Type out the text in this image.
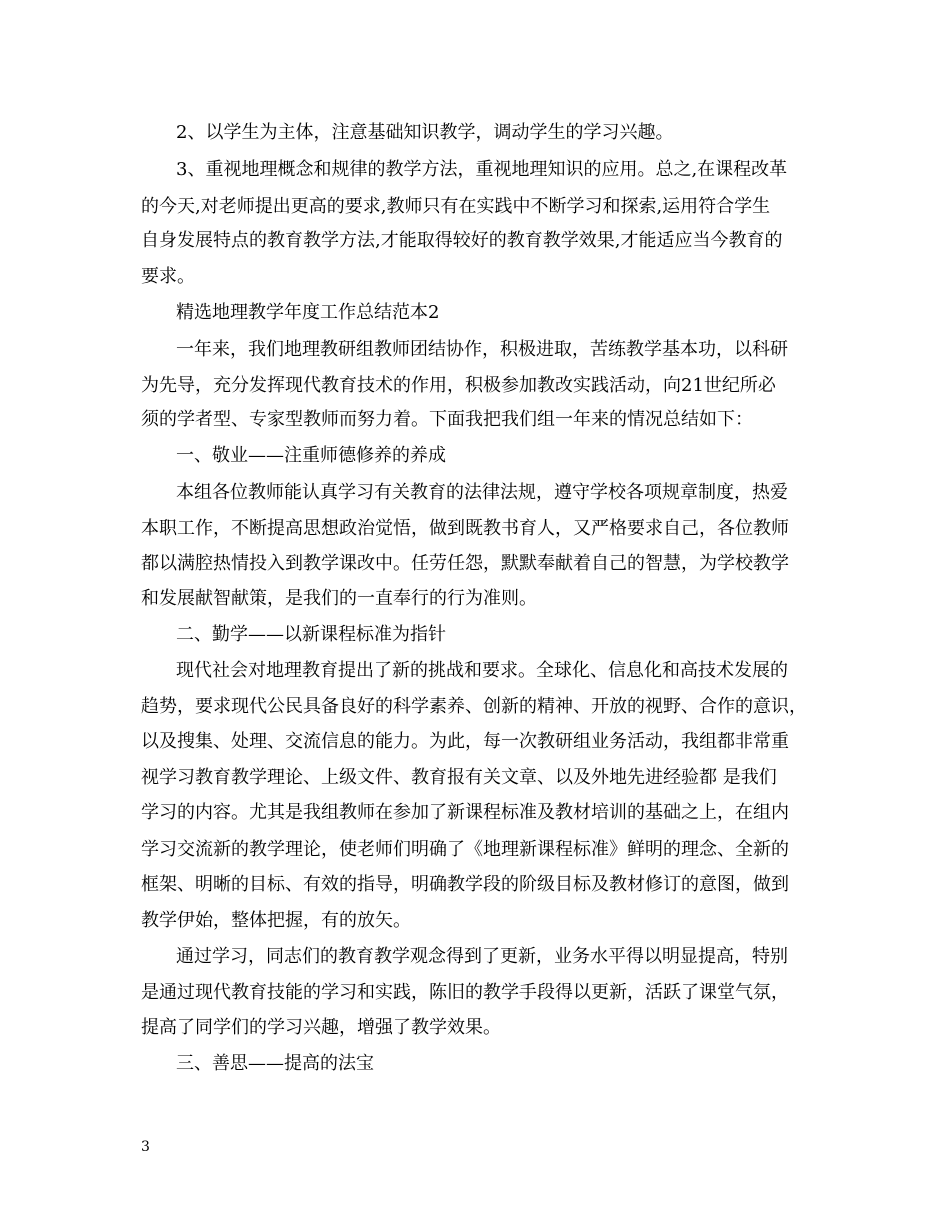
2、以学生为主体，注意基础知识教学，调动学生的学习兴趣。
3、重视地理概念和规律的教学方法，重视地理知识的应用。总之,在课程改革
的今天,对老师提出更高的要求,教师只有在实践中不断学习和探索,运用符合学生
自身发展特点的教育教学方法,才能取得较好的教育教学效果,才能适应当今教育的
要求。
精选地理教学年度工作总结范本2
一年来，我们地理教研组教师团结协作，积极进取，苦练教学基本功，以科研
为先导，充分发挥现代教育技术的作用，积极参加教改实践活动，向21世纪所必
须的学者型、专家型教师而努力着。下面我把我们组一年来的情况总结如下：
一、敬业——注重师德修养的养成
本组各位教师能认真学习有关教育的法律法规，遵守学校各项规章制度，热爱
本职工作，不断提高思想政治觉悟，做到既教书育人，又严格要求自己，各位教师
都以满腔热情投入到教学课改中。任劳任怨，默默奉献着自己的智慧，为学校教学
和发展献智献策，是我们的一直奉行的行为准则。
二、勤学——以新课程标准为指针
现代社会对地理教育提出了新的挑战和要求。全球化、信息化和高技术发展的
趋势，要求现代公民具备良好的科学素养、创新的精神、开放的视野、合作的意识，
以及搜集、处理、交流信息的能力。为此，每一次教研组业务活动，我组都非常重
视学习教育教学理论、上级文件、教育报有关文章、以及外地先进经验都 是我们
学习的内容。尤其是我组教师在参加了新课程标准及教材培训的基础之上，在组内
学习交流新的教学理论，使老师们明确了《地理新课程标准》鲜明的理念、全新的
框架、明晰的目标、有效的指导，明确教学段的阶级目标及教材修订的意图，做到
教学伊始，整体把握，有的放矢。
通过学习，同志们的教育教学观念得到了更新，业务水平得以明显提高，特别
是通过现代教育技能的学习和实践，陈旧的教学手段得以更新，活跃了课堂气氛，
提高了同学们的学习兴趣，增强了教学效果。
三、善思——提高的法宝
3
